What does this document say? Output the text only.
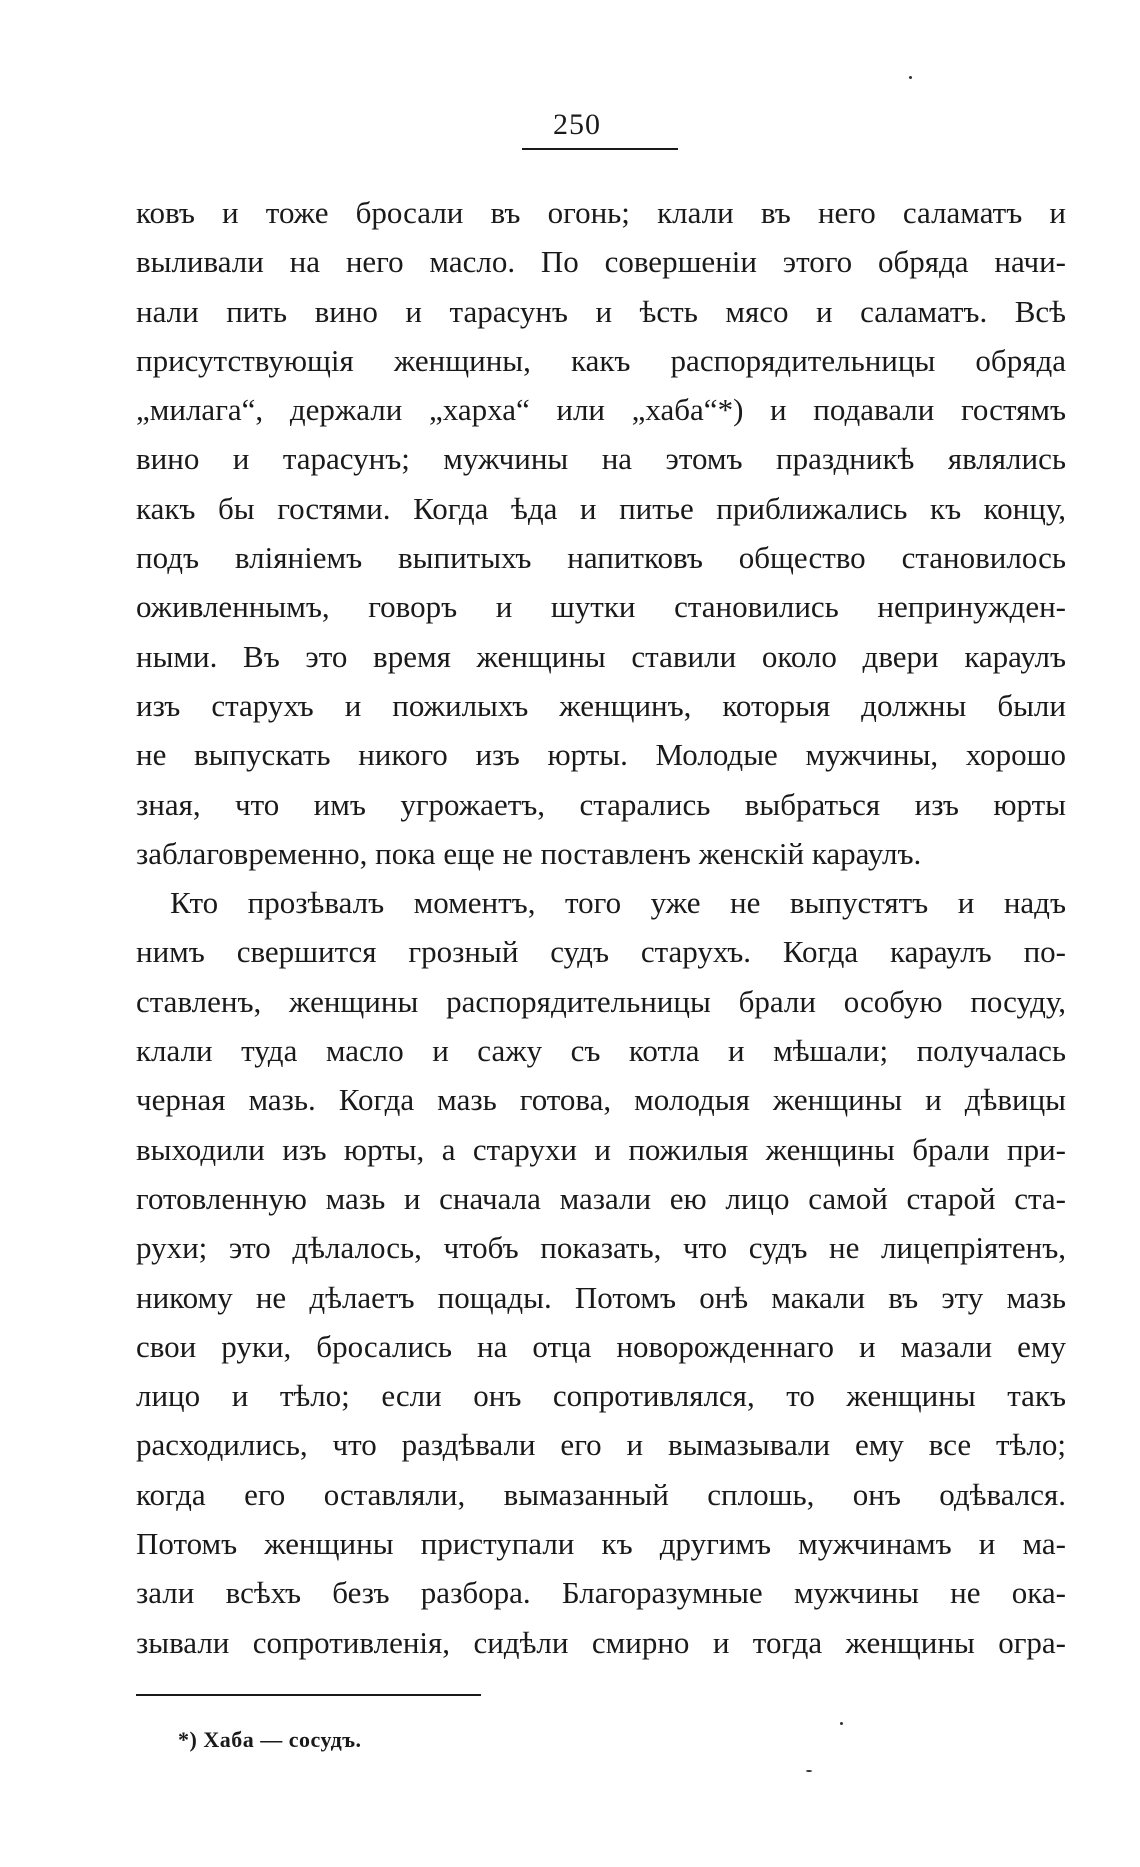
250
ковъ и тоже бросали въ огонь; клали въ него саламатъ и
выливали на него масло. По совершеніи этого обряда начи-
нали пить вино и тарасунъ и ѣсть мясо и саламатъ. Всѣ
присутствующія женщины, какъ распорядительницы обряда
„милага“, держали „харха“ или „хаба“*) и подавали гостямъ
вино и тарасунъ; мужчины на этомъ праздникѣ являлись
какъ бы гостями. Когда ѣда и питье приближались къ концу,
подъ вліяніемъ выпитыхъ напитковъ общество становилось
оживленнымъ, говоръ и шутки становились непринужден-
ными. Въ это время женщины ставили около двери караулъ
изъ старухъ и пожилыхъ женщинъ, которыя должны были
не выпускать никого изъ юрты. Молодые мужчины, хорошо
зная, что имъ угрожаетъ, старались выбраться изъ юрты
заблаговременно, пока еще не поставленъ женскій караулъ.
Кто прозѣвалъ моментъ, того уже не выпустятъ и надъ
нимъ свершится грозный судъ старухъ. Когда караулъ по-
ставленъ, женщины распорядительницы брали особую посуду,
клали туда масло и сажу съ котла и мѣшали; получалась
черная мазь. Когда мазь готова, молодыя женщины и дѣвицы
выходили изъ юрты, а старухи и пожилыя женщины брали при-
готовленную мазь и сначала мазали ею лицо самой старой ста-
рухи; это дѣлалось, чтобъ показать, что судъ не лицепріятенъ,
никому не дѣлаетъ пощады. Потомъ онѣ макали въ эту мазь
свои руки, бросались на отца новорожденнаго и мазали ему
лицо и тѣло; если онъ сопротивлялся, то женщины такъ
расходились, что раздѣвали его и вымазывали ему все тѣло;
когда его оставляли, вымазанный сплошь, онъ одѣвался.
Потомъ женщины приступали къ другимъ мужчинамъ и ма-
зали всѣхъ безъ разбора. Благоразумные мужчины не ока-
зывали сопротивленія, сидѣли смирно и тогда женщины огра-
*) Хаба — сосудъ.
